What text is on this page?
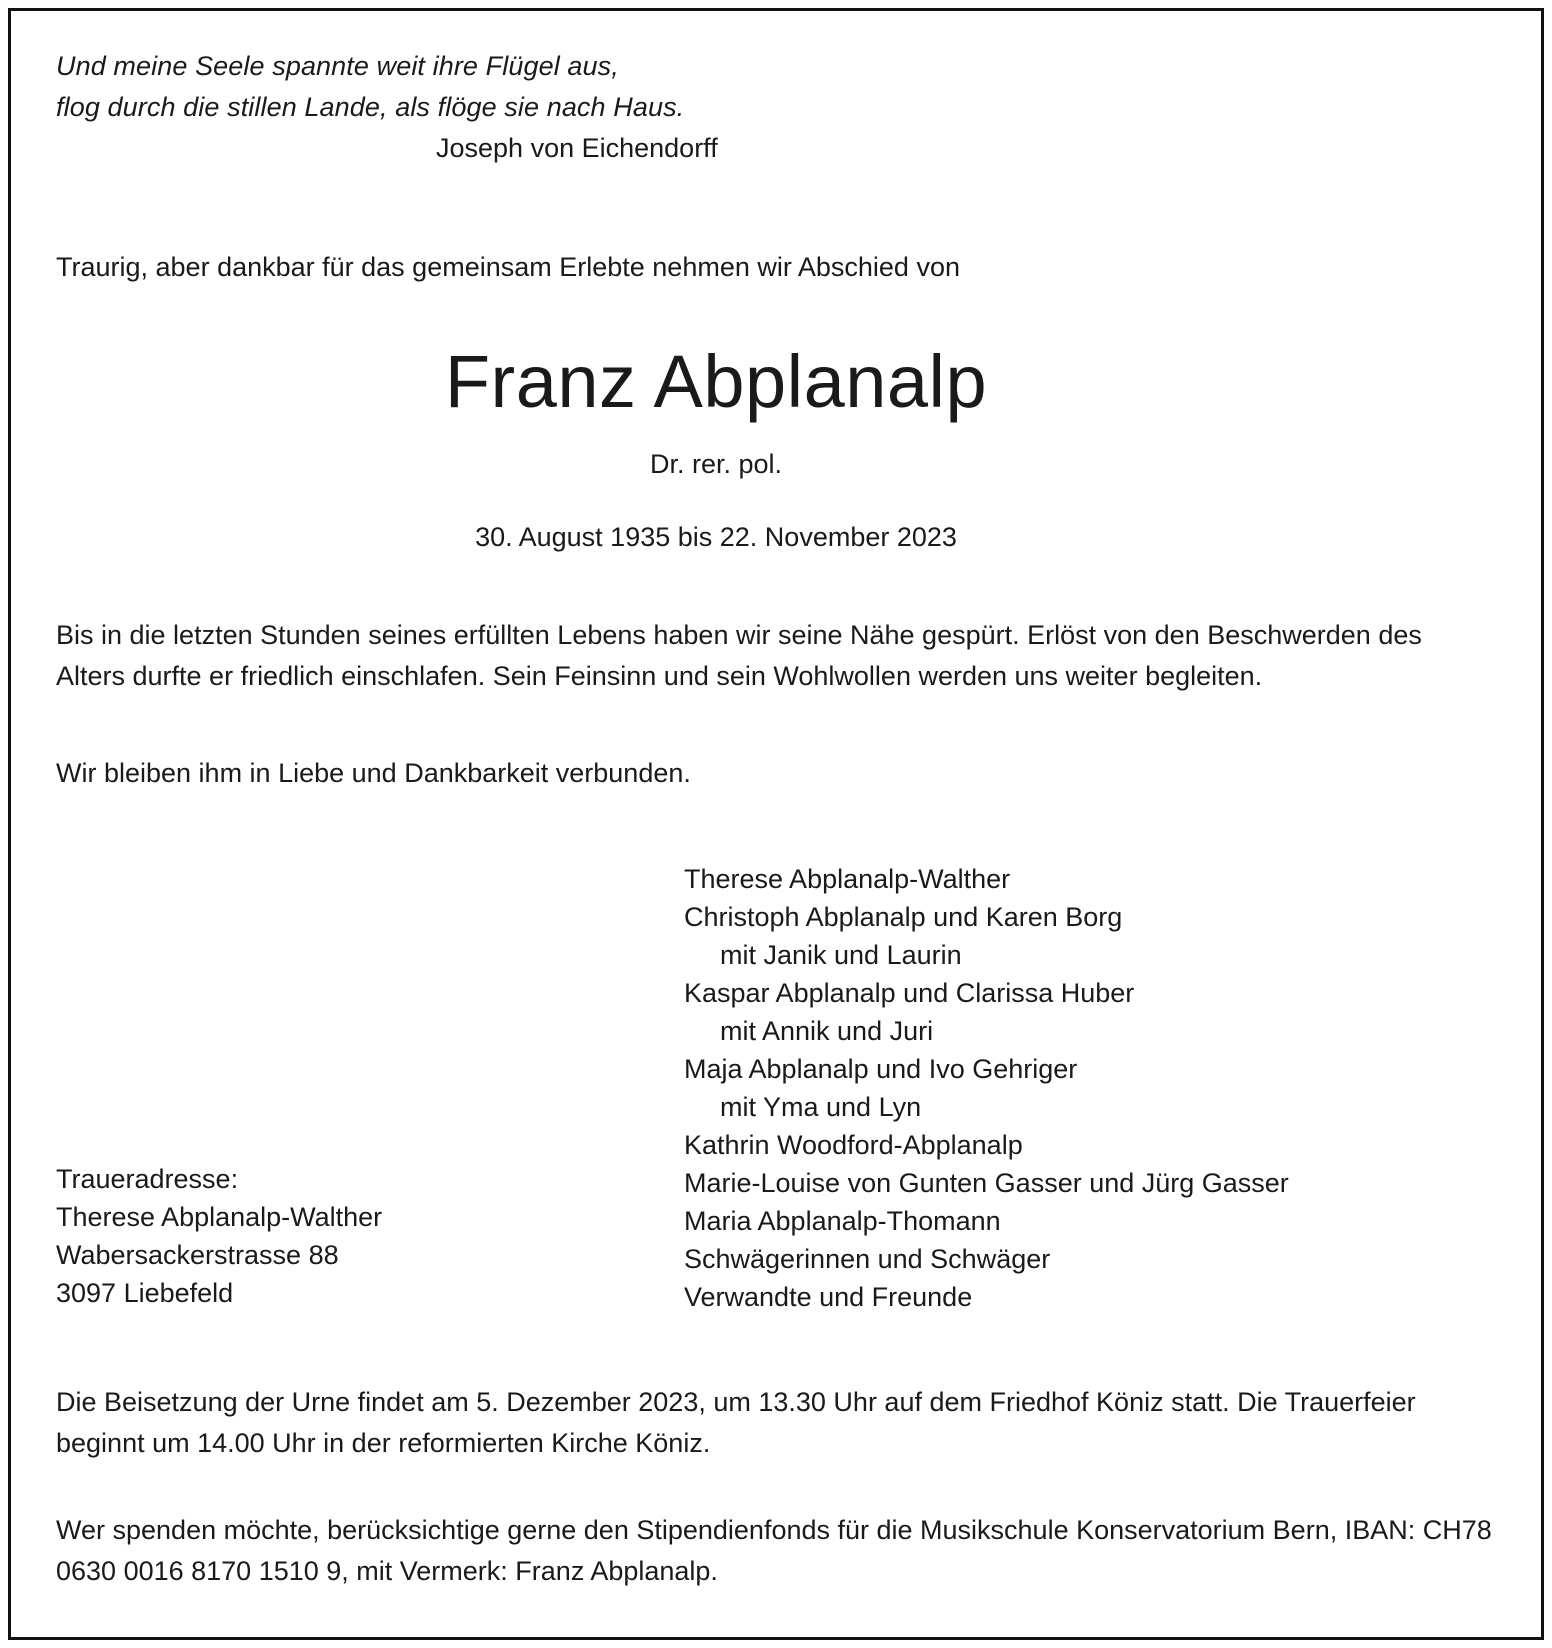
Und meine Seele spannte weit ihre Flügel aus,
flog durch die stillen Lande, als flöge sie nach Haus.
Joseph von Eichendorff
Traurig, aber dankbar für das gemeinsam Erlebte nehmen wir Abschied von
Franz Abplanalp
Dr. rer. pol.
30. August 1935 bis 22. November 2023
Bis in die letzten Stunden seines erfüllten Lebens haben wir seine Nähe gespürt. Erlöst von den Beschwerden des Alters durfte er friedlich einschlafen. Sein Feinsinn und sein Wohlwollen werden uns weiter begleiten.
Wir bleiben ihm in Liebe und Dankbarkeit verbunden.
Therese Abplanalp-Walther
Christoph Abplanalp und Karen Borg
mit Janik und Laurin
Kaspar Abplanalp und Clarissa Huber
mit Annik und Juri
Maja Abplanalp und Ivo Gehriger
mit Yma und Lyn
Kathrin Woodford-Abplanalp
Marie-Louise von Gunten Gasser und Jürg Gasser
Maria Abplanalp-Thomann
Schwägerinnen und Schwäger
Verwandte und Freunde
Traueradresse:
Therese Abplanalp-Walther
Wabersackerstrasse 88
3097 Liebefeld
Die Beisetzung der Urne findet am 5. Dezember 2023, um 13.30 Uhr auf dem Friedhof Köniz statt. Die Trauerfeier beginnt um 14.00 Uhr in der reformierten Kirche Köniz.
Wer spenden möchte, berücksichtige gerne den Stipendienfonds für die Musikschule Konservatorium Bern, IBAN: CH78 0630 0016 8170 1510 9, mit Vermerk: Franz Abplanalp.
